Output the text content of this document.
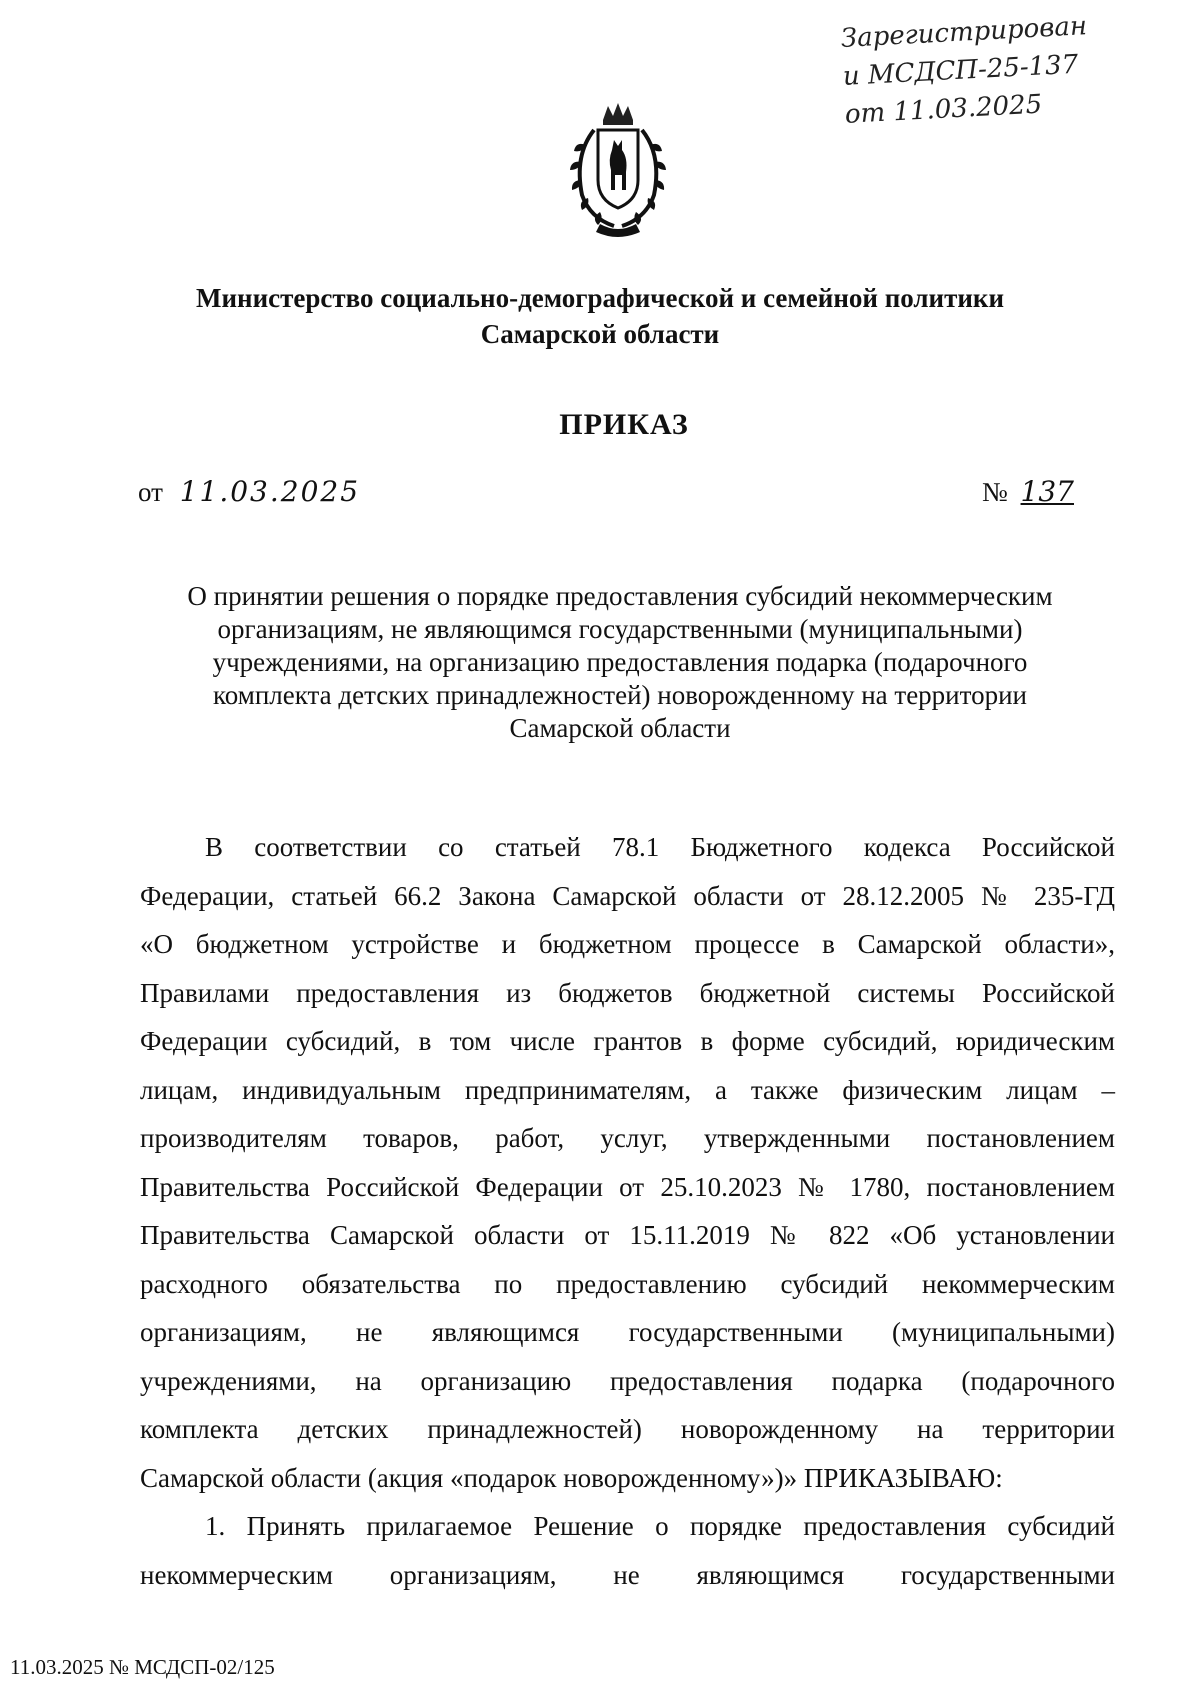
Зарегистрирован
и МСДСП-25-137
от 11.03.2025
Министерство социально-демографической и семейной политики
Самарской области
ПРИКАЗ
от 11.03.2025	№ 137
О принятии решения о порядке предоставления субсидий некоммерческим
организациям, не являющимся государственными (муниципальными)
учреждениями, на организацию предоставления подарка (подарочного
комплекта детских принадлежностей) новорожденному на территории
Самарской области
В соответствии со статьей 78.1 Бюджетного кодекса Российской
Федерации, статьей 66.2 Закона Самарской области от 28.12.2005 № 235-ГД
«О бюджетном устройстве и бюджетном процессе в Самарской области»,
Правилами предоставления из бюджетов бюджетной системы Российской
Федерации субсидий, в том числе грантов в форме субсидий, юридическим
лицам, индивидуальным предпринимателям, а также физическим лицам –
производителям товаров, работ, услуг, утвержденными постановлением
Правительства Российской Федерации от 25.10.2023 № 1780, постановлением
Правительства Самарской области от 15.11.2019 № 822 «Об установлении
расходного обязательства по предоставлению субсидий некоммерческим
организациям, не являющимся государственными (муниципальными)
учреждениями, на организацию предоставления подарка (подарочного
комплекта детских принадлежностей) новорожденному на территории
Самарской области (акция «подарок новорожденному»)» ПРИКАЗЫВАЮ:
1. Принять прилагаемое Решение о порядке предоставления субсидий
некоммерческим организациям, не являющимся государственными
11.03.2025 № МСДСП-02/125
